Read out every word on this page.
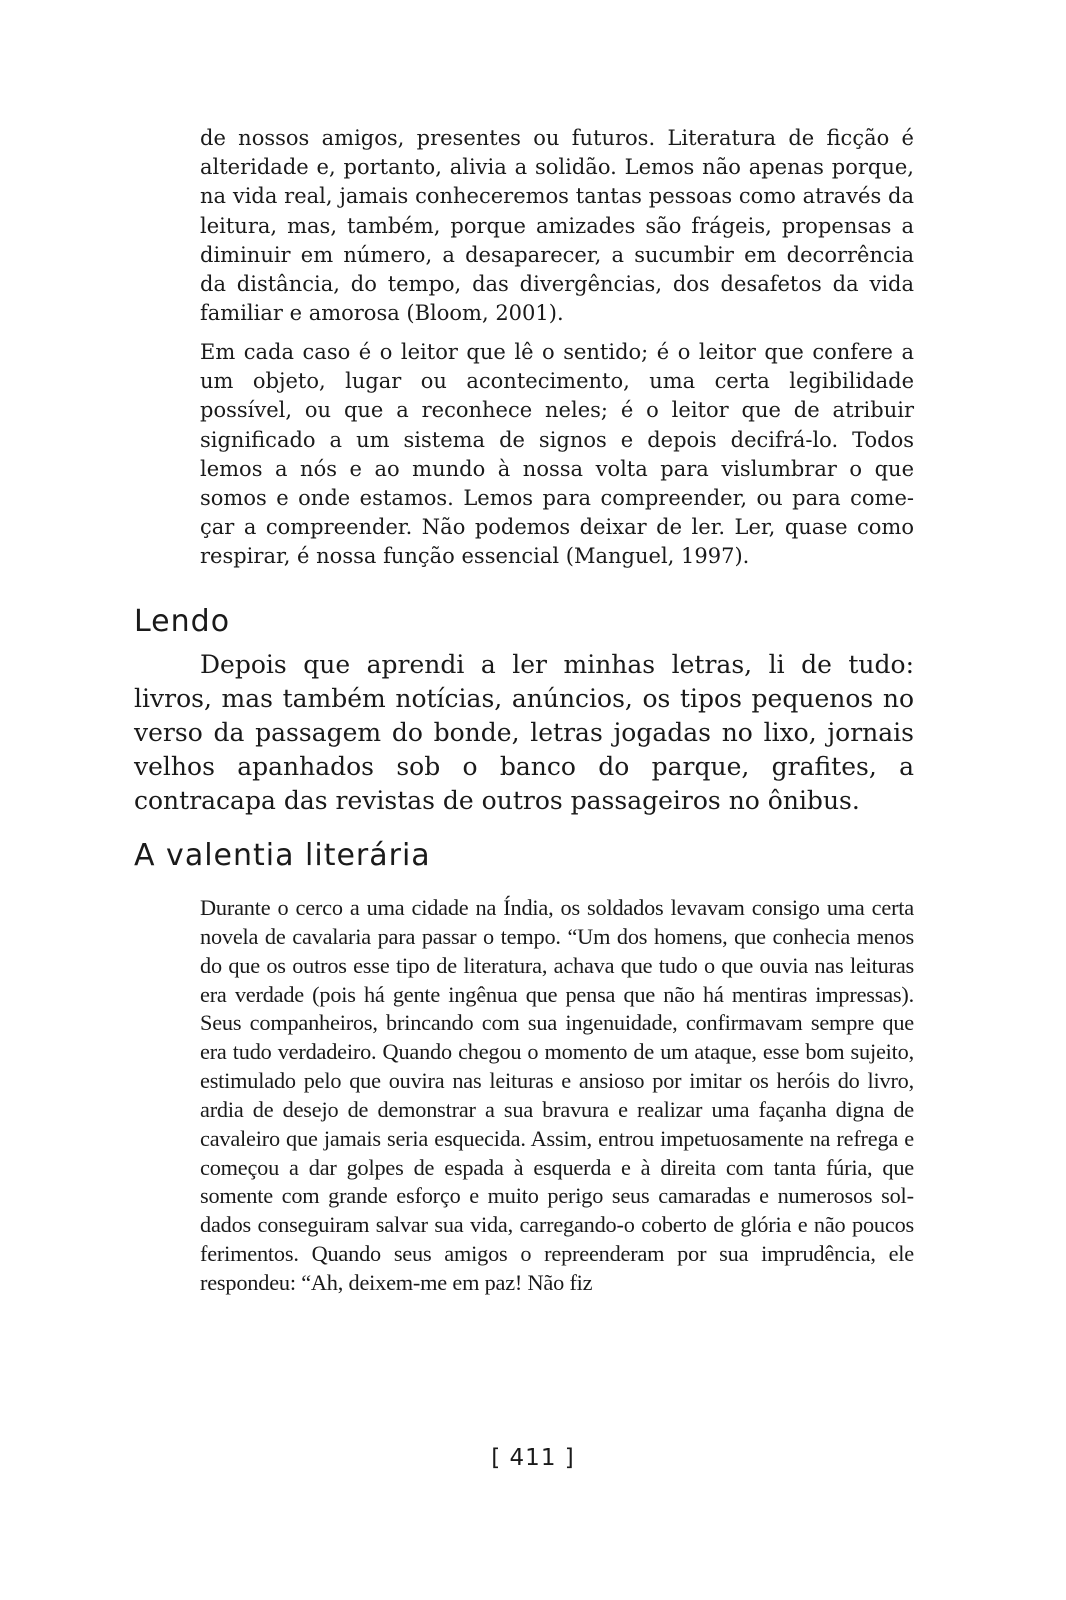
de nossos amigos, presentes ou futuros. Literatura de ficção é alteridade e, portanto, alivia a solidão. Lemos não apenas porque, na vida real, jamais conheceremos tantas pessoas como através da leitura, mas, também, porque amizades são frágeis, propensas a diminuir em número, a desaparecer, a sucumbir em decorrência da distância, do tempo, das divergências, dos desafetos da vida familiar e amorosa (Bloom, 2001).

Em cada caso é o leitor que lê o sentido; é o leitor que confere a um objeto, lugar ou acontecimento, uma certa legibilidade possível, ou que a reconhece neles; é o leitor que de atribuir significado a um sistema de signos e depois decifrá-lo. Todos lemos a nós e ao mundo à nossa volta para vislumbrar o que somos e onde estamos. Lemos para compreender, ou para começar a compreender. Não podemos deixar de ler. Ler, quase como respirar, é nossa função essencial (Manguel, 1997).

Lendo

Depois que aprendi a ler minhas letras, li de tudo: livros, mas também notícias, anúncios, os tipos pequenos no verso da passagem do bonde, letras jogadas no lixo, jornais velhos apanhados sob o banco do parque, grafites, a contracapa das revistas de outros passageiros no ônibus.

A valentia literária

Durante o cerco a uma cidade na Índia, os soldados levavam consigo uma certa novela de cavalaria para passar o tempo. “Um dos homens, que conhecia menos do que os outros esse tipo de literatura, achava que tudo o que ouvia nas leituras era verdade (pois há gente ingênua que pensa que não há mentiras impressas). Seus companheiros, brincando com sua ingenuidade, confirmavam sempre que era tudo verdadeiro. Quando chegou o momento de um ataque, esse bom sujeito, estimulado pelo que ouvira nas leituras e ansioso por imitar os heróis do livro, ardia de desejo de demonstrar a sua bravura e realizar uma façanha digna de cavaleiro que jamais seria esquecida. Assim, entrou impetuosamente na refrega e começou a dar golpes de espada à esquerda e à direita com tanta fúria, que somente com grande esforço e muito perigo seus camaradas e numerosos soldados conseguiram salvar sua vida, carregando-o coberto de glória e não poucos ferimentos. Quando seus amigos o repreenderam por sua imprudência, ele respondeu: “Ah, deixem-me em paz! Não fiz

[ 411 ]
